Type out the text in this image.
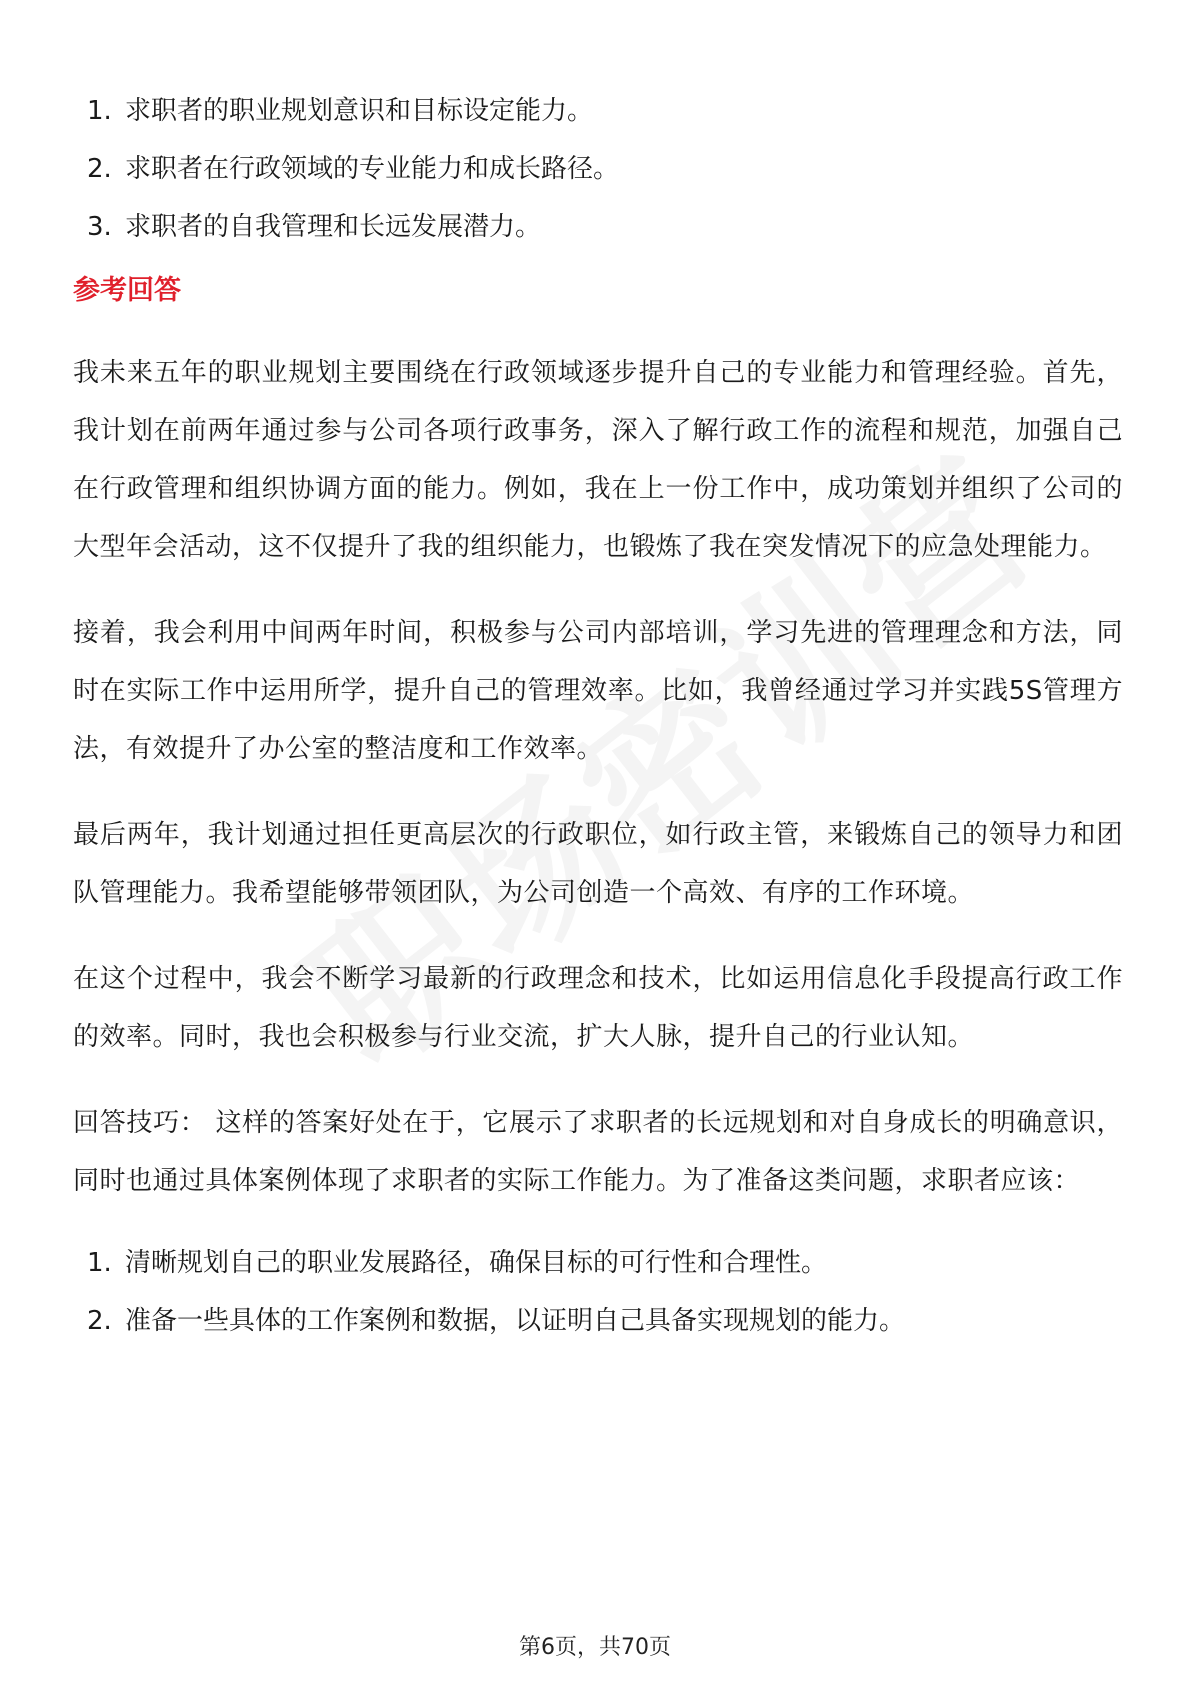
1. 求职者的职业规划意识和目标设定能力。
2. 求职者在行政领域的专业能力和成长路径。
3. 求职者的自我管理和长远发展潜力。
参考回答

我未来五年的职业规划主要围绕在行政领域逐步提升自己的专业能力和管理经验。首先，我计划在前两年通过参与公司各项行政事务，深入了解行政工作的流程和规范，加强自己在行政管理和组织协调方面的能力。例如，我在上一份工作中，成功策划并组织了公司的大型年会活动，这不仅提升了我的组织能力，也锻炼了我在突发情况下的应急处理能力。

接着，我会利用中间两年时间，积极参与公司内部培训，学习先进的管理理念和方法，同时在实际工作中运用所学，提升自己的管理效率。比如，我曾经通过学习并实践5S管理方法，有效提升了办公室的整洁度和工作效率。

最后两年，我计划通过担任更高层次的行政职位，如行政主管，来锻炼自己的领导力和团队管理能力。我希望能够带领团队，为公司创造一个高效、有序的工作环境。

在这个过程中，我会不断学习最新的行政理念和技术，比如运用信息化手段提高行政工作的效率。同时，我也会积极参与行业交流，扩大人脉，提升自己的行业认知。

回答技巧： 这样的答案好处在于，它展示了求职者的长远规划和对自身成长的明确意识，同时也通过具体案例体现了求职者的实际工作能力。为了准备这类问题，求职者应该：

1. 清晰规划自己的职业发展路径，确保目标的可行性和合理性。
2. 准备一些具体的工作案例和数据，以证明自己具备实现规划的能力。
第6页，共70页
